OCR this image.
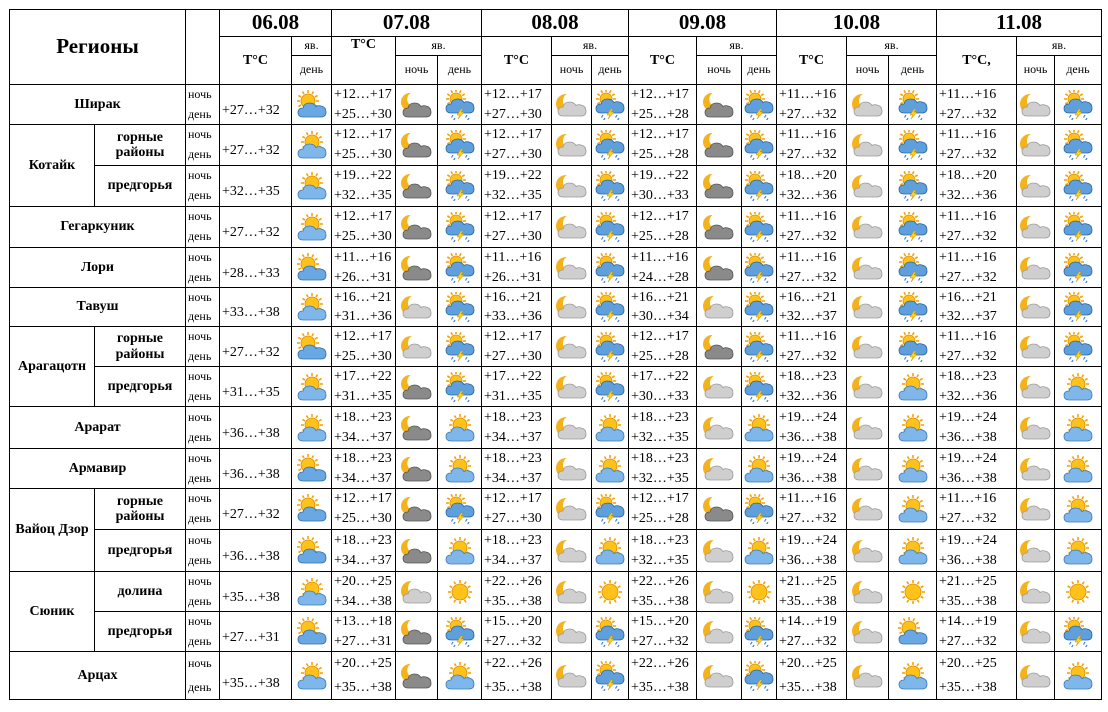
Регионы
06.08
T°C
яв.
день
07.08
T°C	яв.
ночь день
08.08
T°C
яв.
ночь день
09.08
T°C
яв.
ночь день
10.08
T°C
яв.
ночь день
11.08
T°C,
яв.
ночь день
Ширак
Котайк
горные районы
предгорья
Гегаркуник
Лори
Тавуш
Арагацотн
горные районы
предгорья
Арарат
Армавир
Вайоц Дзор
горные районы
предгорья
Сюник
долина
предгорья
Арцах
ночь
день +27…+32
+12…+17
+25…+30
+12…+17
+27…+30
+12…+17
+25…+28
+11…+16
+27…+32
+11…+16
+27…+32
ночь
день +27…+32
+12…+17
+25…+30
+12…+17
+27…+30
+12…+17
+25…+28
+11…+16
+27…+32
+11…+16
+27…+32
ночь
день +32…+35
+19…+22
+32…+35
+19…+22
+32…+35
+19…+22
+30…+33
+18…+20
+32…+36
+18…+20
+32…+36
ночь
день +27…+32
+12…+17
+25…+30
+12…+17
+27…+30
+12…+17
+25…+28
+11…+16
+27…+32
+11…+16
+27…+32
ночь
день +28…+33
+11…+16
+26…+31
+11…+16
+26…+31
+11…+16
+24…+28
+11…+16
+27…+32
+11…+16
+27…+32
ночь
день +33…+38
+16…+21
+31…+36
+16…+21
+33…+36
+16…+21
+30…+34
+16…+21
+32…+37
+16…+21
+32…+37
ночь
день +27…+32
+12…+17
+25…+30
+12…+17
+27…+30
+12…+17
+25…+28
+11…+16
+27…+32
+11…+16
+27…+32
ночь
день +31…+35
+17…+22
+31…+35
+17…+22
+31…+35
+17…+22
+30…+33
+18…+23
+32…+36
+18…+23
+32…+36
ночь
день +36…+38
+18…+23
+34…+37
+18…+23
+34…+37
+18…+23
+32…+35
+19…+24
+36…+38
+19…+24
+36…+38
ночь
день +36…+38
+18…+23
+34…+37
+18…+23
+34…+37
+18…+23
+32…+35
+19…+24
+36…+38
+19…+24
+36…+38
ночь
день +27…+32
+12…+17
+25…+30
+12…+17
+27…+30
+12…+17
+25…+28
+11…+16
+27…+32
+11…+16
+27…+32
ночь
день +36…+38
+18…+23
+34…+37
+18…+23
+34…+37
+18…+23
+32…+35
+19…+24
+36…+38
+19…+24
+36…+38
ночь
день +35…+38
+20…+25
+34…+38
+22…+26
+35…+38
+22…+26
+35…+38
+21…+25
+35…+38
+21…+25
+35…+38
ночь
день +27…+31
+13…+18
+27…+31
+15…+20
+27…+32
+15…+20
+27…+32
+14…+19
+27…+32
+14…+19
+27…+32
ночь
день +35…+38
+20…+25
+35…+38
+22…+26
+35…+38
+22…+26
+35…+38
+20…+25
+35…+38
+20…+25
+35…+38
